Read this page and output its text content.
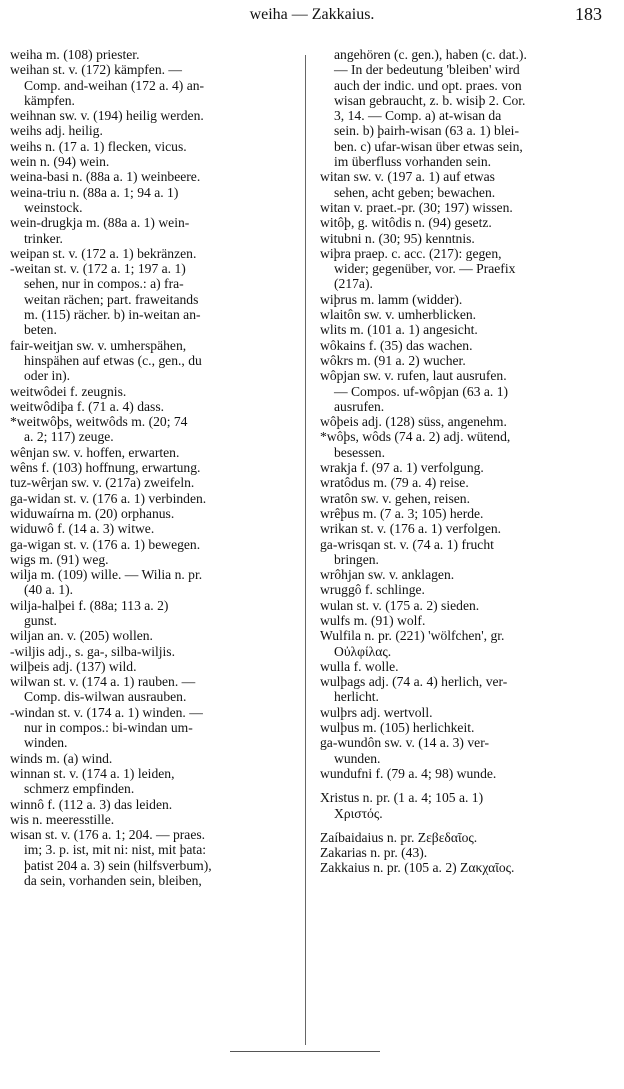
weiha — Zakkaius.	183
weiha m. (108) priester.
weihan st. v. (172) kämpfen. —
Comp. and-weihan (172 a. 4) an-
kämpfen.
weihnan sw. v. (194) heilig werden.
weihs adj. heilig.
weihs n. (17 a. 1) flecken, vicus.
wein n. (94) wein.
weina-basi n. (88a a. 1) weinbeere.
weina-triu n. (88a a. 1; 94 a. 1)
weinstock.
wein-drugkja m. (88a a. 1) wein-
trinker.
weipan st. v. (172 a. 1) bekränzen.
-weitan st. v. (172 a. 1; 197 a. 1)
sehen, nur in compos.: a) fra-
weitan rächen; part. fraweitands
m. (115) rächer. b) in-weitan an-
beten.
fair-weitjan sw. v. umherspähen,
hinspähen auf etwas (c., gen., du
oder in).
weitwôdei f. zeugnis.
weitwôdiþa f. (71 a. 4) dass.
*weitwôþs, weitwôds m. (20; 74
a. 2; 117) zeuge.
wênjan sw. v. hoffen, erwarten.
wêns f. (103) hoffnung, erwartung.
tuz-wêrjan sw. v. (217a) zweifeln.
ga-widan st. v. (176 a. 1) verbinden.
widuwaírna m. (20) orphanus.
widuwô f. (14 a. 3) witwe.
ga-wigan st. v. (176 a. 1) bewegen.
wigs m. (91) weg.
wilja m. (109) wille. — Wilia n. pr.
(40 a. 1).
wilja-halþei f. (88a; 113 a. 2)
gunst.
wiljan an. v. (205) wollen.
-wiljis adj., s. ga-, silba-wiljis.
wilþeis adj. (137) wild.
wilwan st. v. (174 a. 1) rauben. —
Comp. dis-wilwan ausrauben.
-windan st. v. (174 a. 1) winden. —
nur in compos.: bi-windan um-
winden.
winds m. (a) wind.
winnan st. v. (174 a. 1) leiden,
schmerz empfinden.
winnô f. (112 a. 3) das leiden.
wis n. meeresstille.
wisan st. v. (176 a. 1; 204. — praes.
im; 3. p. ist, mit ni: nist, mit þata:
þatist 204 a. 3) sein (hilfsverbum),
da sein, vorhanden sein, bleiben,
angehören (c. gen.), haben (c. dat.).
— In der bedeutung 'bleiben' wird
auch der indic. und opt. praes. von
wisan gebraucht, z. b. wisiþ 2. Cor.
3, 14. — Comp. a) at-wisan da
sein. b) þairh-wisan (63 a. 1) blei-
ben. c) ufar-wisan über etwas sein,
im überfluss vorhanden sein.
witan sw. v. (197 a. 1) auf etwas
sehen, acht geben; bewachen.
witan v. praet.-pr. (30; 197) wissen.
witôþ, g. witôdis n. (94) gesetz.
witubni n. (30; 95) kenntnis.
wiþra praep. c. acc. (217): gegen,
wider; gegenüber, vor. — Praefix
(217a).
wiþrus m. lamm (widder).
wlaitôn sw. v. umherblicken.
wlits m. (101 a. 1) angesicht.
wôkains f. (35) das wachen.
wôkrs m. (91 a. 2) wucher.
wôpjan sw. v. rufen, laut ausrufen.
— Compos. uf-wôpjan (63 a. 1)
ausrufen.
wôþeis adj. (128) süss, angenehm.
*wôþs, wôds (74 a. 2) adj. wütend,
besessen.
wrakja f. (97 a. 1) verfolgung.
wratôdus m. (79 a. 4) reise.
wratôn sw. v. gehen, reisen.
wrêþus m. (7 a. 3; 105) herde.
wrikan st. v. (176 a. 1) verfolgen.
ga-wrisqan st. v. (74 a. 1) frucht
bringen.
wrôhjan sw. v. anklagen.
wruggô f. schlinge.
wulan st. v. (175 a. 2) sieden.
wulfs m. (91) wolf.
Wulfila n. pr. (221) 'wölfchen', gr.
Οὐλφίλας.
wulla f. wolle.
wulþags adj. (74 a. 4) herlich, ver-
herlicht.
wulþrs adj. wertvoll.
wulþus m. (105) herlichkeit.
ga-wundôn sw. v. (14 a. 3) ver-
wunden.
wundufni f. (79 a. 4; 98) wunde.
Xristus n. pr. (1 a. 4; 105 a. 1)
Χριστός.
Zaíbaidaius n. pr. Ζεβεδαῖος.
Zakarias n. pr. (43).
Zakkaius n. pr. (105 a. 2) Ζακχαῖος.
